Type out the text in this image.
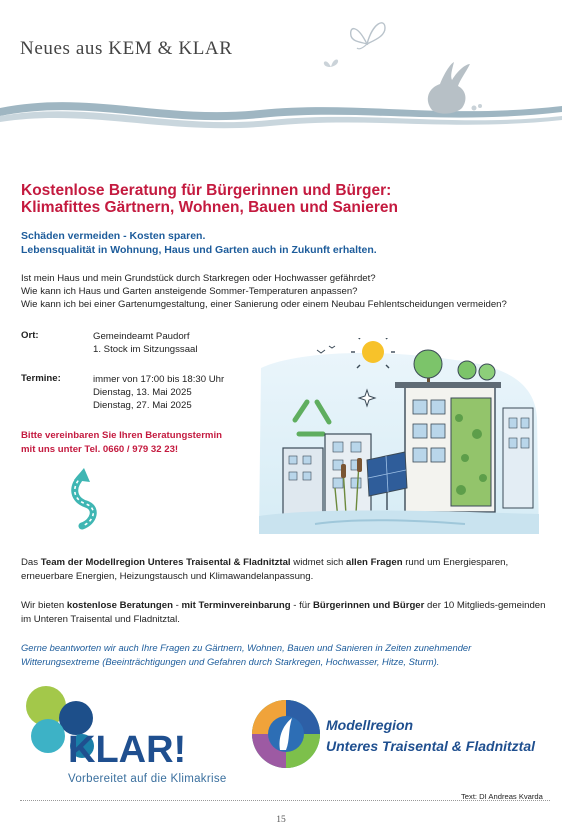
Neues aus KEM & KLAR
Kostenlose Beratung für Bürgerinnen und Bürger:
Klimafittes Gärtnern, Wohnen, Bauen und Sanieren
Schäden vermeiden - Kosten sparen.
Lebensqualität in Wohnung, Haus und Garten auch in Zukunft erhalten.
Ist mein Haus und mein Grundstück durch Starkregen oder Hochwasser gefährdet?
Wie kann ich Haus und Garten ansteigende Sommer-Temperaturen anpassen?
Wie kann ich bei einer Gartenumgestaltung, einer Sanierung oder einem Neubau Fehlentscheidungen vermeiden?
Ort:	Gemeindeamt Paudorf
1. Stock im Sitzungssaal
Termine:	immer von 17:00 bis 18:30 Uhr
Dienstag, 13. Mai 2025
Dienstag, 27. Mai 2025
Bitte vereinbaren Sie Ihren Beratungstermin
mit uns unter Tel. 0660 / 979 32 23!

Das Team der Modellregion Unteres Traisental & Fladnitztal widmet sich allen Fragen rund um Energiesparen, erneuerbare Energien, Heizungstausch und Klimawandelanpassung.

Wir bieten kostenlose Beratungen - mit Terminvereinbarung - für Bürgerinnen und Bürger der 10 Mitglieds-gemeinden im Unteren Traisental und Fladnitztal.

Gerne beantworten wir auch Ihre Fragen zu Gärtnern, Wohnen, Bauen und Sanieren in Zeiten zunehmender Witterungsextreme (Beeinträchtigungen und Gefahren durch Starkregen, Hochwasser, Hitze, Sturm).

KLAR!
Vorbereitet auf die Klimakrise
Modellregion
Unteres Traisental & Fladnitztal
Text: DI Andreas Kvarda
15
